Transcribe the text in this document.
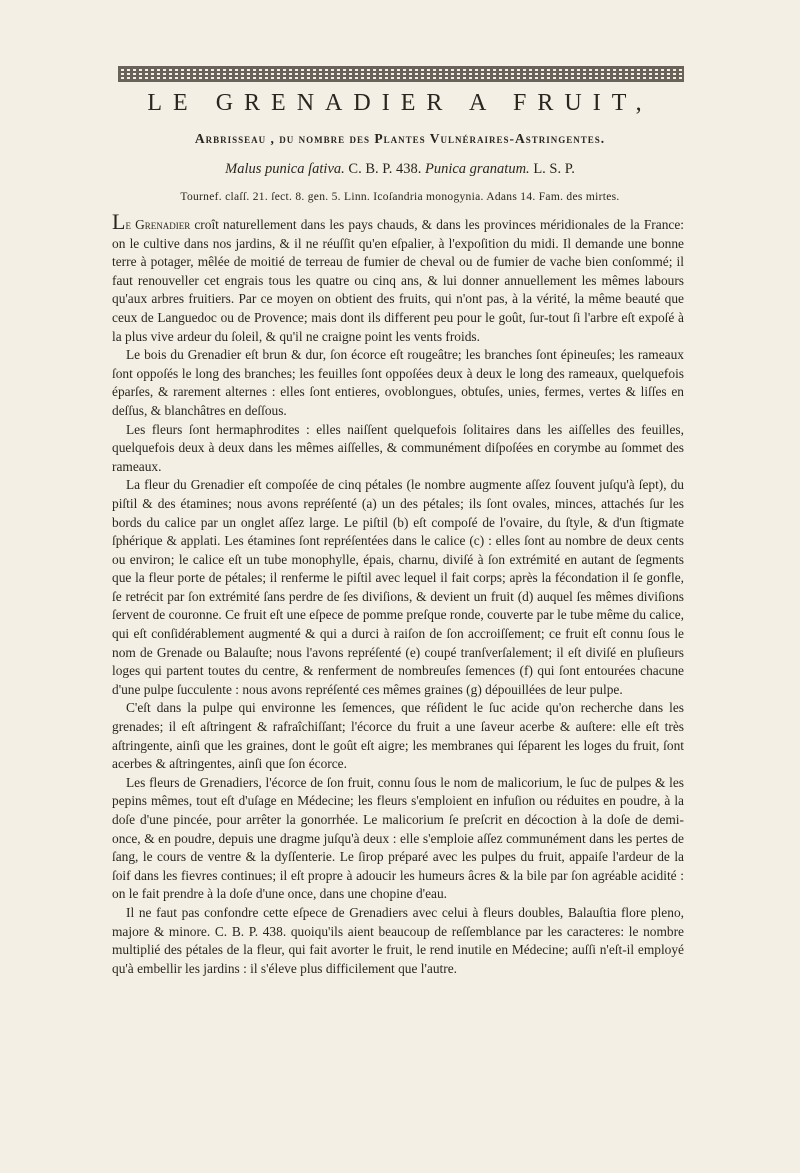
LE GRENADIER A FRUIT,
Arbrisseau , du nombre des Plantes Vulnéraires-Astringentes.
Malus punica ſativa. C. B. P. 438. Punica granatum. L. S. P.
Tournef. claſſ. 21. ſect. 8. gen. 5. Linn. Icoſandria monogynia. Adans 14. Fam. des mirtes.

Le Grenadier croît naturellement dans les pays chauds, & dans les provinces méridionales de la France: on le cultive dans nos jardins, & il ne réuſſit qu'en eſpalier, à l'expoſition du midi. Il demande une bonne terre à potager, mêlée de moitié de terreau de fumier de cheval ou de fumier de vache bien conſommé; il faut renouveller cet engrais tous les quatre ou cinq ans, & lui donner annuellement les mêmes labours qu'aux arbres fruitiers. Par ce moyen on obtient des fruits, qui n'ont pas, à la vérité, la même beauté que ceux de Languedoc ou de Provence; mais dont ils different peu pour le goût, ſur-tout ſi l'arbre eſt expoſé à la plus vive ardeur du ſoleil, & qu'il ne craigne point les vents froids.

Le bois du Grenadier eſt brun & dur, ſon écorce eſt rougeâtre; les branches ſont épineuſes; les rameaux ſont oppoſés le long des branches; les feuilles ſont oppoſées deux à deux le long des rameaux, quelquefois éparſes, & rarement alternes : elles ſont entieres, ovoblongues, obtuſes, unies, fermes, vertes & liſſes en deſſus, & blanchâtres en deſſous.

Les fleurs ſont hermaphrodites : elles naiſſent quelquefois ſolitaires dans les aiſſelles des feuilles, quelquefois deux à deux dans les mêmes aiſſelles, & communément diſpoſées en corymbe au ſommet des rameaux.

La fleur du Grenadier eſt compoſée de cinq pétales (le nombre augmente aſſez ſouvent juſqu'à ſept), du piſtil & des étamines; nous avons repréſenté (a) un des pétales; ils ſont ovales, minces, attachés ſur les bords du calice par un onglet aſſez large. Le piſtil (b) eſt compoſé de l'ovaire, du ſtyle, & d'un ſtigmate ſphérique & applati. Les étamines ſont repréſentées dans le calice (c) : elles ſont au nombre de deux cents ou environ; le calice eſt un tube monophylle, épais, charnu, diviſé à ſon extrémité en autant de ſegments que la fleur porte de pétales; il renferme le piſtil avec lequel il fait corps; après la fécondation il ſe gonfle, ſe retrécit par ſon extrémité ſans perdre de ſes diviſions, & devient un fruit (d) auquel ſes mêmes diviſions ſervent de couronne. Ce fruit eſt une eſpece de pomme preſque ronde, couverte par le tube même du calice, qui eſt conſidérablement augmenté & qui a durci à raiſon de ſon accroiſſement; ce fruit eſt connu ſous le nom de Grenade ou Balauſte; nous l'avons repréſenté (e) coupé tranſverſalement; il eſt diviſé en pluſieurs loges qui partent toutes du centre, & renferment de nombreuſes ſemences (f) qui ſont entourées chacune d'une pulpe ſucculente : nous avons repréſenté ces mêmes graines (g) dépouillées de leur pulpe.

C'eſt dans la pulpe qui environne les ſemences, que réſident le ſuc acide qu'on recherche dans les grenades; il eſt aſtringent & rafraîchiſſant; l'écorce du fruit a une ſaveur acerbe & auſtere: elle eſt très aſtringente, ainſi que les graines, dont le goût eſt aigre; les membranes qui ſéparent les loges du fruit, ſont acerbes & aſtringentes, ainſi que ſon écorce.

Les fleurs de Grenadiers, l'écorce de ſon fruit, connu ſous le nom de malicorium, le ſuc de pulpes & les pepins mêmes, tout eſt d'uſage en Médecine; les fleurs s'emploient en infuſion ou réduites en poudre, à la doſe d'une pincée, pour arrêter la gonorrhée. Le malicorium ſe preſcrit en décoction à la doſe de demi-once, & en poudre, depuis une dragme juſqu'à deux : elle s'emploie aſſez communément dans les pertes de ſang, le cours de ventre & la dyſſenterie. Le ſirop préparé avec les pulpes du fruit, appaiſe l'ardeur de la ſoif dans les fievres continues; il eſt propre à adoucir les humeurs âcres & la bile par ſon agréable acidité : on le fait prendre à la doſe d'une once, dans une chopine d'eau.

Il ne faut pas confondre cette eſpece de Grenadiers avec celui à fleurs doubles, Balauſtia flore pleno, majore & minore. C. B. P. 438. quoiqu'ils aient beaucoup de reſſemblance par les caracteres: le nombre multiplié des pétales de la fleur, qui fait avorter le fruit, le rend inutile en Médecine; auſſi n'eſt-il employé qu'à embellir les jardins : il s'éleve plus difficilement que l'autre.
